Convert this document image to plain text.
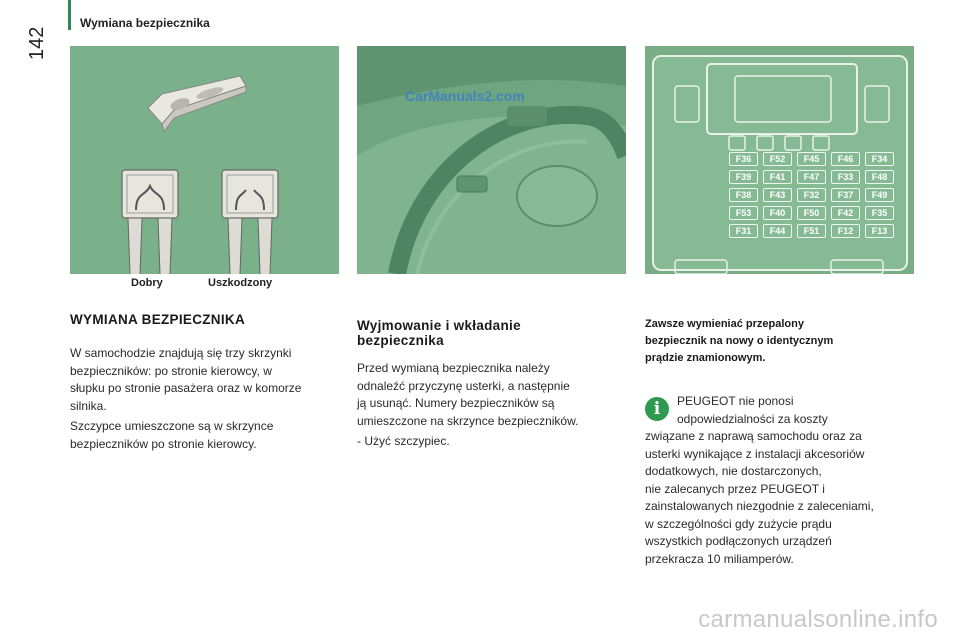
Wymiana bezpiecznika
142
Dobry	Uszkodzony
CarManuals2.com
F36	F52	F45	F46	F34
F39	F41	F47	F33	F48
F38	F43	F32	F37	F49
F53	F40	F50	F42	F35
F31	F44	F51	F12	F13
WYMIANA BEZPIECZNIKA
W samochodzie znajdują się trzy skrzynki
bezpieczników: po stronie kierowcy, w
słupku po stronie pasażera oraz w komorze
silnika.
Szczypce umieszczone są w skrzynce
bezpieczników po stronie kierowcy.
Wyjmowanie i wkładanie
bezpiecznika
Przed wymianą bezpiecznika należy
odnaleźć przyczynę usterki, a następnie
ją usunąć. Numery bezpieczników są
umieszczone na skrzynce bezpieczników.
- Użyć szczypiec.
Zawsze wymieniać przepalony
bezpiecznik na nowy o identycznym
prądzie znamionowym.
i	PEUGEOT nie ponosi
odpowiedzialności za koszty
związane z naprawą samochodu oraz za
usterki wynikające z instalacji akcesoriów
dodatkowych, nie dostarczonych,
nie zalecanych przez PEUGEOT i
zainstalowanych niezgodnie z zaleceniami,
w szczególności gdy zużycie prądu
wszystkich podłączonych urządzeń
przekracza 10 miliamperów.
carmanualsonline.info
